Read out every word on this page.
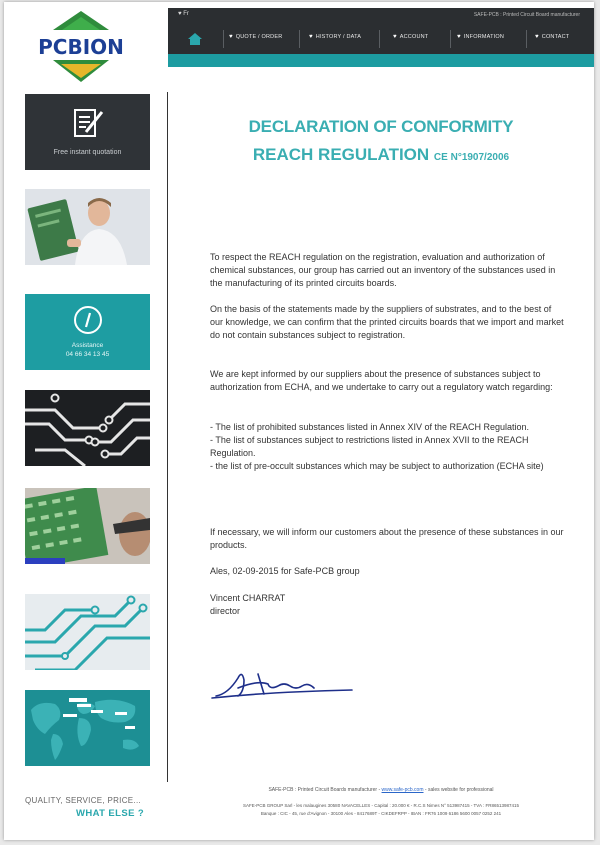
PCBION
Free instant quotation
Assistance
04 66 34 13 45
QUALITY, SERVICE, PRICE...
WHAT ELSE ?
♥ Fr	SAFE-PCB : Printed Circuit Board manufacturer
♥ QUOTE / ORDER	♥ HISTORY / DATA	♥ ACCOUNT	♥ INFORMATION	♥ CONTACT
DECLARATION OF CONFORMITY
REACH REGULATION CE N°1907/2006
To respect the REACH regulation on the registration, evaluation and authorization of chemical substances, our group has carried out an inventory of the substances used in the manufacturing of its printed circuits boards.
On the basis of the statements made by the suppliers of substrates, and to the best of our knowledge, we can confirm that the printed circuits boards that we import and market do not contain substances subject to registration.
We are kept informed by our suppliers about the presence of substances subject to authorization from ECHA, and we undertake to carry out a regulatory watch regarding:
- The list of prohibited substances listed in Annex XIV of the REACH Regulation.
- The list of substances subject to restrictions listed in Annex XVII to the REACH Regulation.
- the list of pre-occult substances which may be subject to authorization (ECHA site)
If necessary, we will inform our customers about the presence of these substances in our products.
Ales, 02-09-2015 for Safe-PCB group
Vincent CHARRAT
director
SAFE-PCB : Printed Circuit Boards manufacturer - www.safe-pcb.com - sales website for professional
SAFE-PCB GROUP Sarl - les malaugines 30580 NAVACELLES - Capital : 20.000 € - R.C.S Nimes N° 513987415 - TVA : FR86513987415
Banque : CIC - 45, rue d'Avignon - 30100 Ales - 8417689T - CIKDEFRPP - IBAN : FR76 1009 6186 5600 0057 0252 241
